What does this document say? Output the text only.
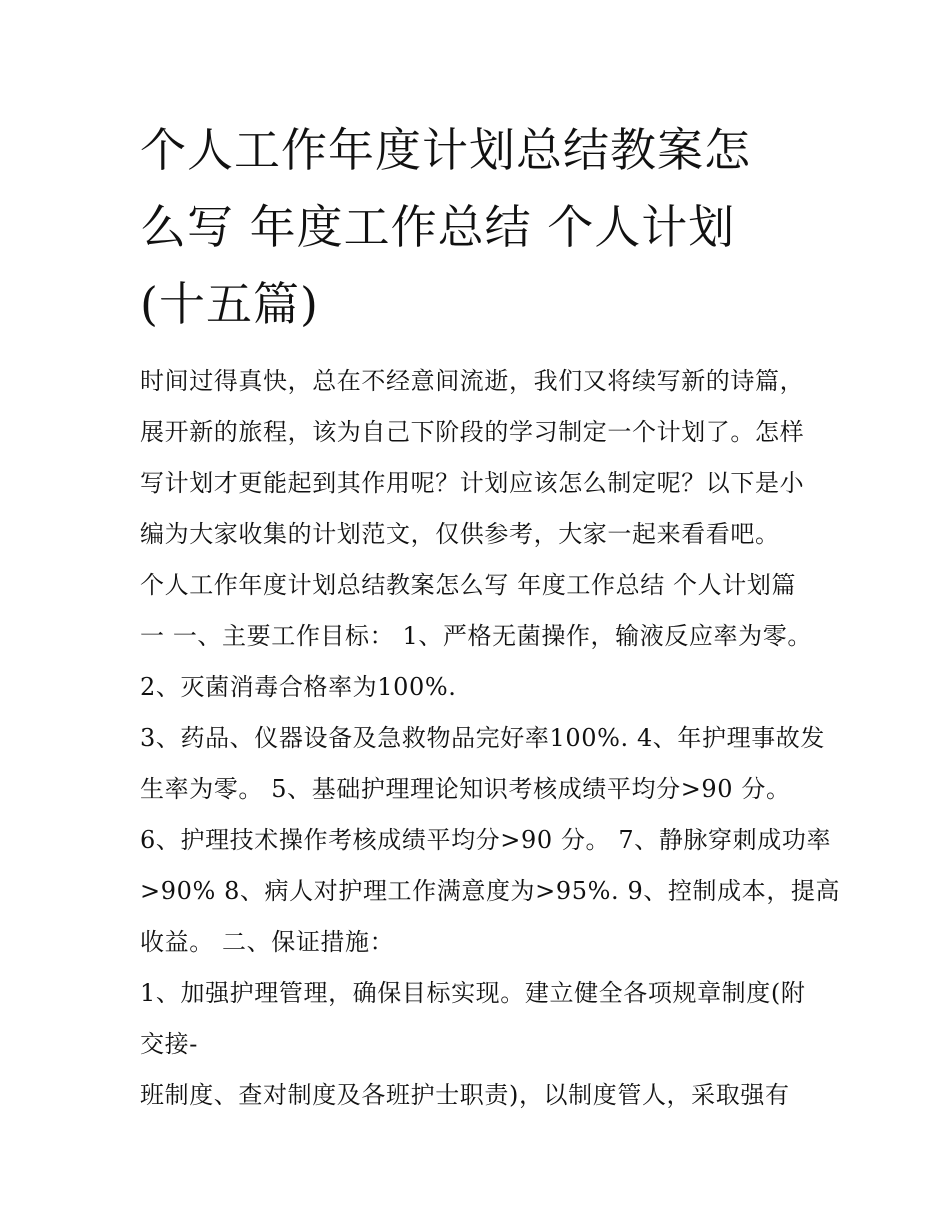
个人工作年度计划总结教案怎
么写 年度工作总结 个人计划
(十五篇)
时间过得真快，总在不经意间流逝，我们又将续写新的诗篇，
展开新的旅程，该为自己下阶段的学习制定一个计划了。怎样
写计划才更能起到其作用呢？计划应该怎么制定呢？以下是小
编为大家收集的计划范文，仅供参考，大家一起来看看吧。
个人工作年度计划总结教案怎么写 年度工作总结 个人计划篇
一 一、主要工作目标： 1、严格无菌操作，输液反应率为零。
2、灭菌消毒合格率为100%.
3、药品、仪器设备及急救物品完好率100%. 4、年护理事故发
生率为零。 5、基础护理理论知识考核成绩平均分>90 分。
6、护理技术操作考核成绩平均分>90 分。 7、静脉穿刺成功率
>90% 8、病人对护理工作满意度为>95%. 9、控制成本，提高
收益。 二、保证措施：
1、加强护理管理，确保目标实现。建立健全各项规章制度(附
交接-
班制度、查对制度及各班护士职责)，以制度管人，采取强有
